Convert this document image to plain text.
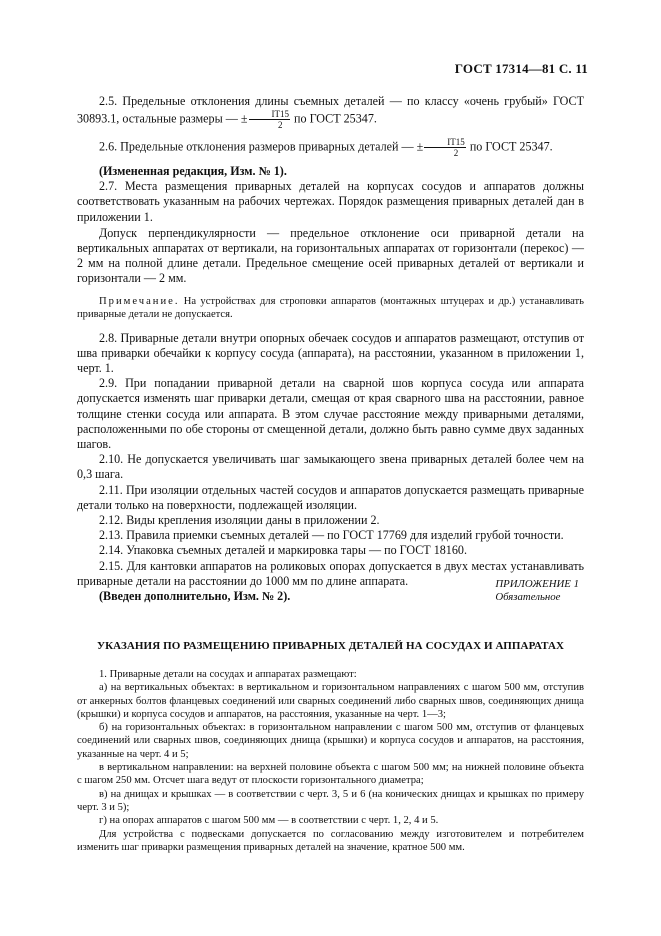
ГОСТ 17314—81 С. 11

2.5. Предельные отклонения длины съемных деталей — по классу «очень грубый» ГОСТ 30893.1, остальные размеры — ± $\frac{IT15}{2}$ по ГОСТ 25347.

2.6. Предельные отклонения размеров приварных деталей — ± $\frac{IT15}{2}$ по ГОСТ 25347.

(Измененная редакция, Изм. № 1).

2.7. Места размещения приварных деталей на корпусах сосудов и аппаратов должны соответствовать указанным на рабочих чертежах. Порядок размещения приварных деталей дан в приложении 1.

Допуск перпендикулярности — предельное отклонение оси приварной детали на вертикальных аппаратах от вертикали, на горизонтальных аппаратах от горизонтали (перекос) — 2 мм на полной длине детали. Предельное смещение осей приварных деталей от вертикали и горизонтали — 2 мм.

Примечание. На устройствах для строповки аппаратов (монтажных штуцерах и др.) устанавливать приварные детали не допускается.

2.8. Приварные детали внутри опорных обечаек сосудов и аппаратов размещают, отступив от шва приварки обечайки к корпусу сосуда (аппарата), на расстоянии, указанном в приложении 1, черт. 1.

2.9. При попадании приварной детали на сварной шов корпуса сосуда или аппарата допускается изменять шаг приварки детали, смещая от края сварного шва на расстоянии, равное толщине стенки сосуда или аппарата. В этом случае расстояние между приварными деталями, расположенными по обе стороны от смещенной детали, должно быть равно сумме двух заданных шагов.

2.10. Не допускается увеличивать шаг замыкающего звена приварных деталей более чем на 0,3 шага.

2.11. При изоляции отдельных частей сосудов и аппаратов допускается размещать приварные детали только на поверхности, подлежащей изоляции.

2.12. Виды крепления изоляции даны в приложении 2.

2.13. Правила приемки съемных деталей — по ГОСТ 17769 для изделий грубой точности.

2.14. Упаковка съемных деталей и маркировка тары — по ГОСТ 18160.

2.15. Для кантовки аппаратов на роликовых опорах допускается в двух местах устанавливать приварные детали на расстоянии до 1000 мм по длине аппарата.

(Введен дополнительно, Изм. № 2).

ПРИЛОЖЕНИЕ 1
Обязательное
УКАЗАНИЯ ПО РАЗМЕЩЕНИЮ ПРИВАРНЫХ ДЕТАЛЕЙ НА СОСУДАХ И АППАРАТАХ

1. Приварные детали на сосудах и аппаратах размещают:

а) на вертикальных объектах: в вертикальном и горизонтальном направлениях с шагом 500 мм, отступив от анкерных болтов фланцевых соединений или сварных соединений либо сварных швов, соединяющих днища (крышки) и корпуса сосудов и аппаратов, на расстояния, указанные на черт. 1—3;

б) на горизонтальных объектах: в горизонтальном направлении с шагом 500 мм, отступив от фланцевых соединений или сварных швов, соединяющих днища (крышки) и корпуса сосудов и аппаратов, на расстояния, указанные на черт. 4 и 5;

в вертикальном направлении: на верхней половине объекта с шагом 500 мм; на нижней половине объекта с шагом 250 мм. Отсчет шага ведут от плоскости горизонтального диаметра;

в) на днищах и крышках — в соответствии с черт. 3, 5 и 6 (на конических днищах и крышках по примеру черт. 3 и 5);

г) на опорах аппаратов с шагом 500 мм — в соответствии с черт. 1, 2, 4 и 5.

Для устройства с подвесками допускается по согласованию между изготовителем и потребителем изменить шаг приварки размещения приварных деталей на значение, кратное 500 мм.
